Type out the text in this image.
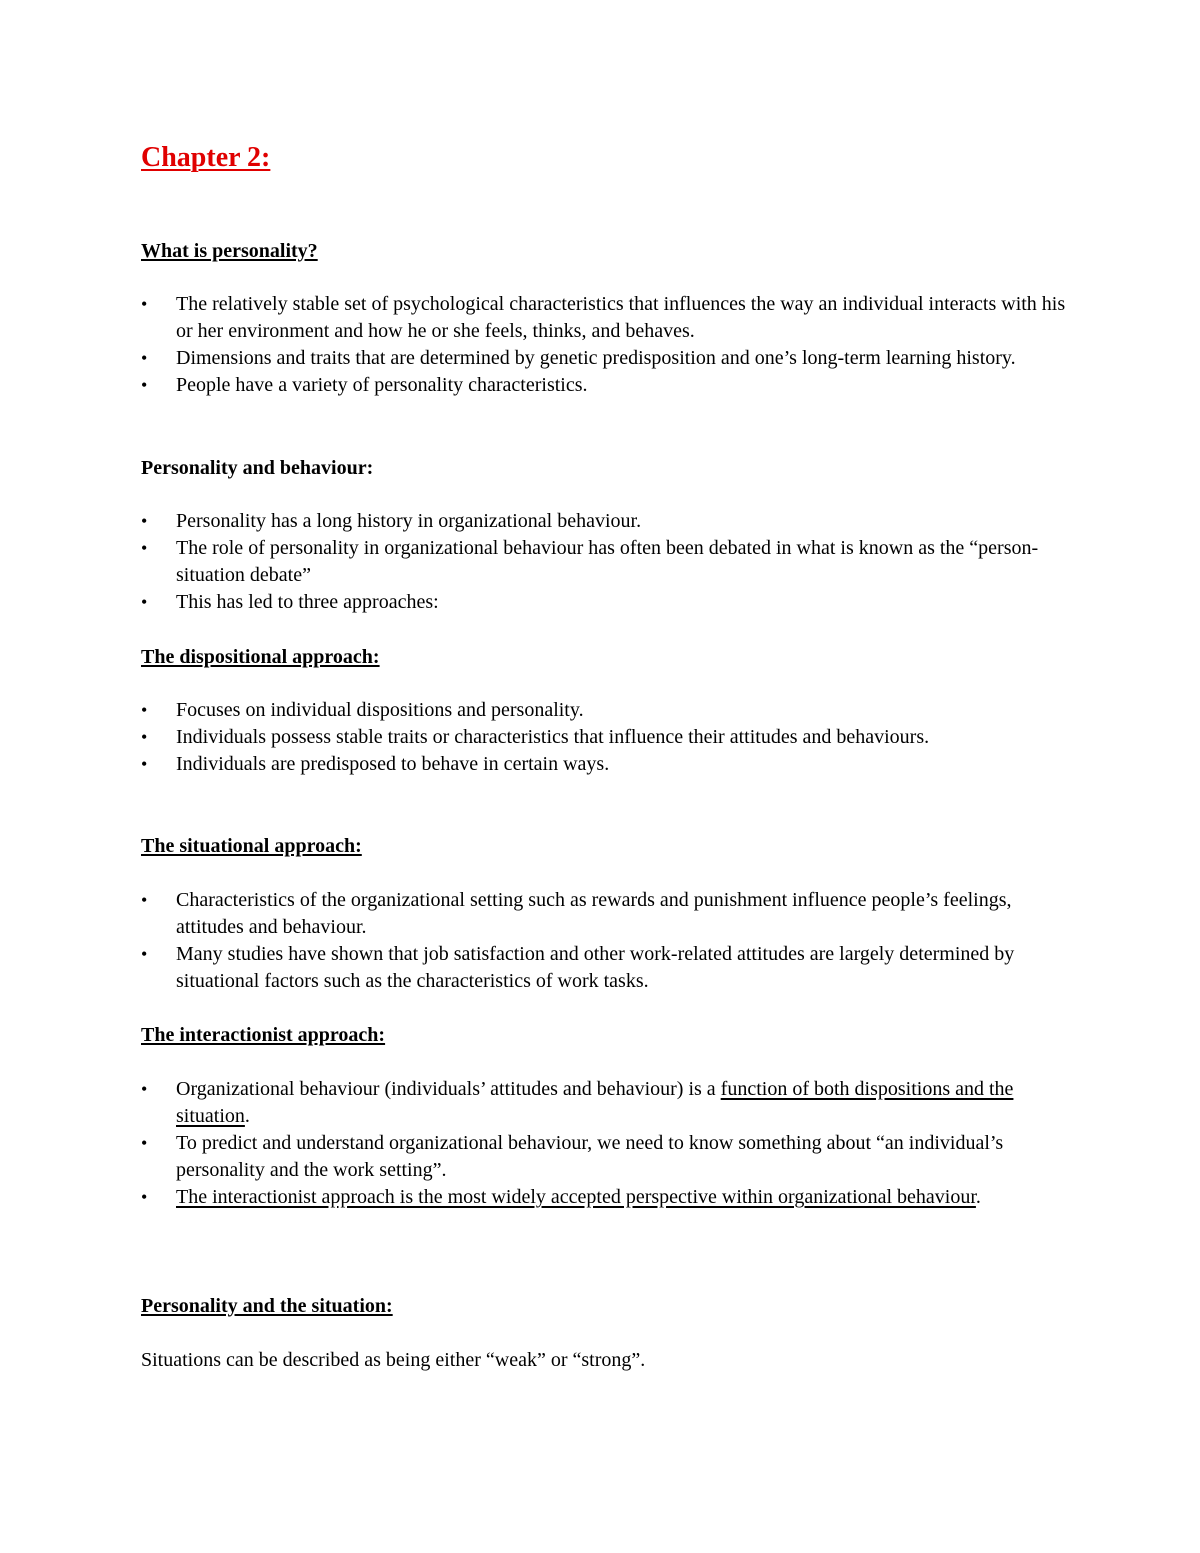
Chapter 2:
What is personality?
•	The relatively stable set of psychological characteristics that influences the way an individual interacts with his or her environment and how he or she feels, thinks, and behaves.
•	Dimensions and traits that are determined by genetic predisposition and one’s long-term learning history.
•	People have a variety of personality characteristics.
Personality and behaviour:
•	Personality has a long history in organizational behaviour.
•	The role of personality in organizational behaviour has often been debated in what is known as the “person-situation debate”
•	This has led to three approaches:
The dispositional approach:
•	Focuses on individual dispositions and personality.
•	Individuals possess stable traits or characteristics that influence their attitudes and behaviours.
•	Individuals are predisposed to behave in certain ways.
The situational approach:
•	Characteristics of the organizational setting such as rewards and punishment influence people’s feelings, attitudes and behaviour.
•	Many studies have shown that job satisfaction and other work-related attitudes are largely determined by situational factors such as the characteristics of work tasks.
The interactionist approach:
•	Organizational behaviour (individuals’ attitudes and behaviour) is a function of both dispositions and the situation.
•	To predict and understand organizational behaviour, we need to know something about “an individual’s personality and the work setting”.
•	The interactionist approach is the most widely accepted perspective within organizational behaviour.
Personality and the situation:

Situations can be described as being either “weak” or “strong”.
